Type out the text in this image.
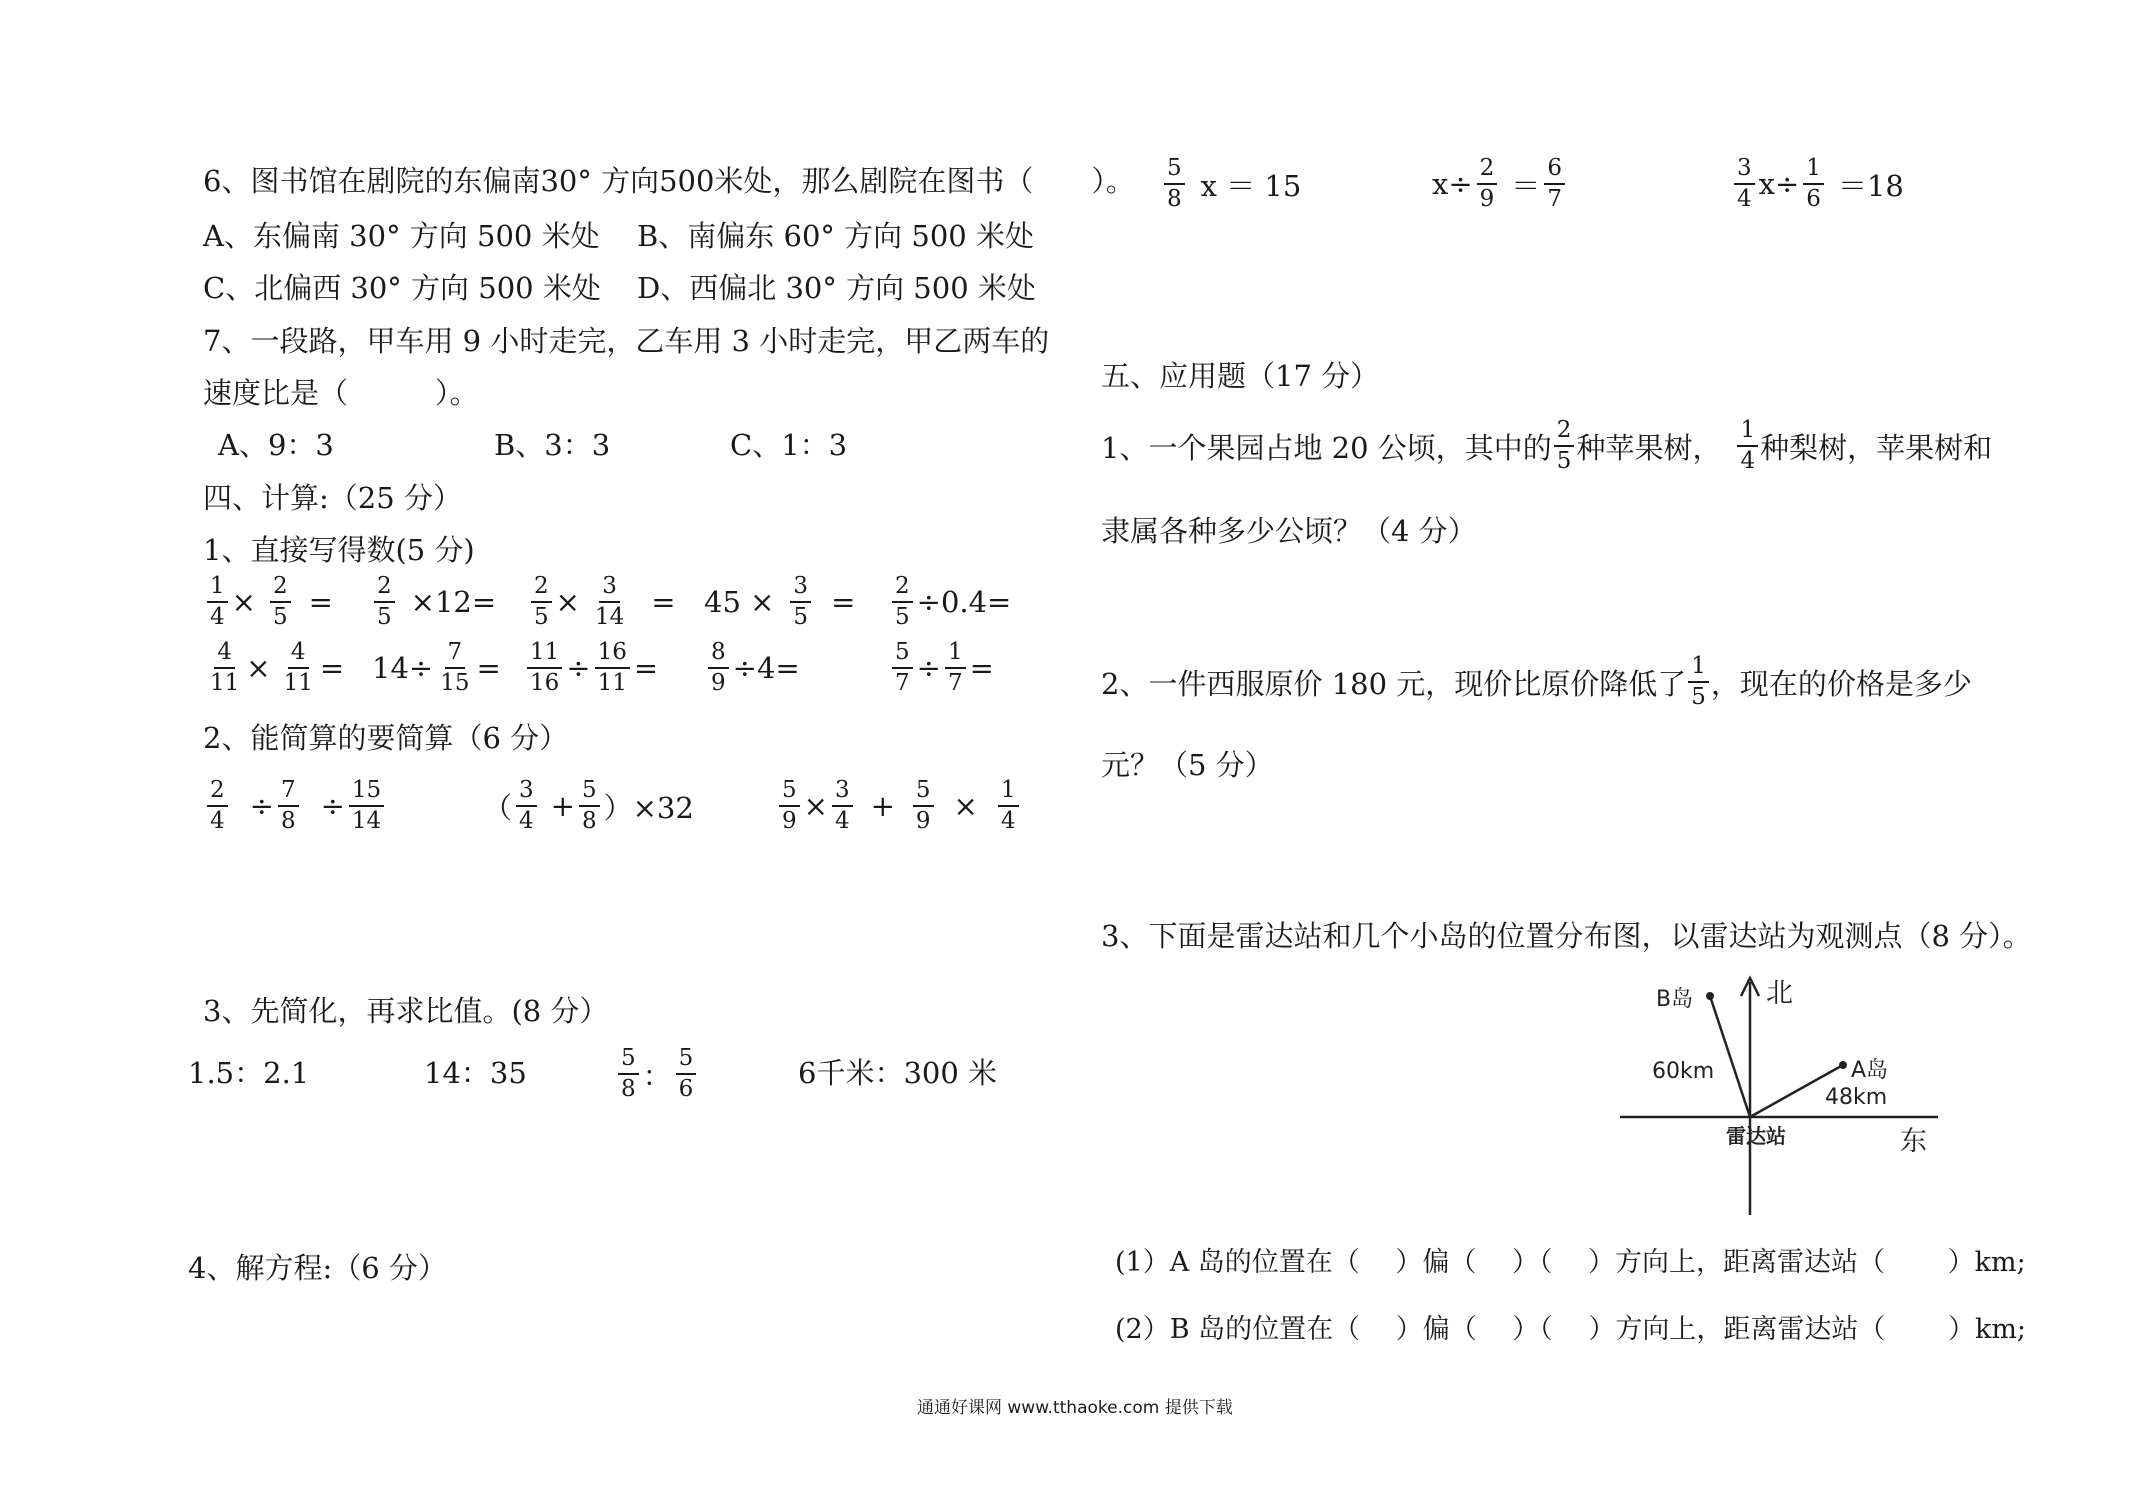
6、图书馆在剧院的东偏南30° 方向500米处，那么剧院在图书（　　）。
A、东偏南 30° 方向 500 米处 B、南偏东 60° 方向 500 米处
C、北偏西 30° 方向 500 米处 D、西偏北 30° 方向 500 米处
7、一段路，甲车用 9 小时走完，乙车用 3 小时走完，甲乙两车的
速度比是（　　　）。
A、9：3	B、3：3	C、1：3
四、计算:（25 分）
1、直接写得数(5 分)
$\frac{1}{4} \times \frac{2}{5} = \frac{2}{5} \times 12= \frac{2}{5} \times \frac{3}{14} = 45 \times \frac{3}{5} = \frac{2}{5} \div 0.4=$
$\frac{4}{11} \times \frac{4}{11} = 14\div \frac{7}{15} = \frac{11}{16} \div \frac{16}{11} = \frac{8}{9} \div 4=$	$\frac{5}{7} \div \frac{1}{7}$ =
2、能简算的要简算（6 分）
$\frac{2}{4} \div \frac{7}{8} \div \frac{15}{14}$	（ $\frac{3}{4} + \frac{5}{8} )\times 32$	$\frac{5}{9} \times \frac{3}{4} + \frac{5}{9} \times \frac{1}{4}$
3、先简化，再求比值。(8 分）
1.5：2.1	14：35	$\frac{5}{8}$ ： $\frac{5}{6}$	6千米：300 米
4、解方程:（6 分）
$\frac{5}{8}$ x ＝ 15	$x\div \frac{2}{9} = \frac{6}{7}$	$\frac{3}{4} x\div \frac{1}{6} =18$
五、应用题（17 分）
1、一个果园占地 20 公顷，其中的 $\frac{2}{5}$ 种苹果树， $\frac{1}{4}$ 种梨树，苹果树和
隶属各种多少公顷？（4 分）
2、一件西服原价 180 元，现价比原价降低了 $\frac{1}{5}$ ，现在的价格是多少
元？（5 分）
3、下面是雷达站和几个小岛的位置分布图，以雷达站为观测点（8 分）。
北
东
雷达站
B岛
60km	A岛
48km
(1）A 岛的位置在（　 ）偏（　 ）（　 ）方向上，距离雷达站（　　 ）km;
(2）B 岛的位置在（　 ）偏（　 ）（　 ）方向上，距离雷达站（　　 ）km;
通通好课网 www.tthaoke.com 提供下载
